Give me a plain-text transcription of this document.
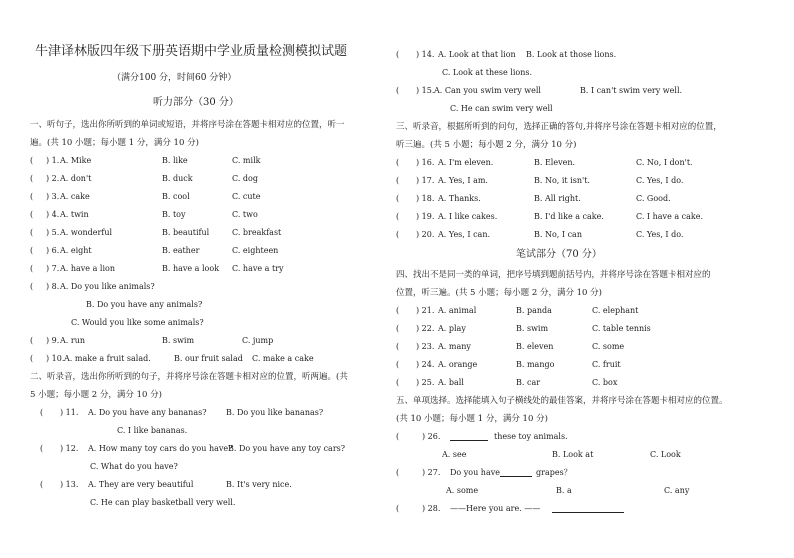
牛津译林版四年级下册英语期中学业质量检测模拟试题
（满分100 分，时间60 分钟）
听力部分（30 分）
一、听句子，选出你所听到的单词或短语，并将序号涂在答题卡相对应的位置，听一
遍。(共 10 小题；每小题 1 分，满分 10 分)
( ) 1. A. Mike	B. like	C. milk
( ) 2. A. don't	B. duck	C. dog
( ) 3. A. cake	B. cool	C. cute
( ) 4. A. twin	B. toy	C. two
( ) 5. A. wonderful	B. beautiful	C. breakfast
( ) 6. A. eight	B. eather	C. eighteen
( ) 7. A. have a lion	B. have a look C. have a try
( ) 8. A. Do you like animals?
B. Do you have any animals?
C. Would you like some animals?
( ) 9. A. run	B. swim	C. jump
( ) 10. A. make a fruit salad.	B. our fruit salad C. make a cake
二、听录音，选出你所听到的句子，并将序号涂在答题卡相对应的位置，听两遍。(共
5 小题；每小题 2 分，满分 10 分)
( ) 11. A. Do you have any bananas? B. Do you like bananas?
C. I like bananas.
( ) 12. A. How many toy cars do you have?
B. Do you have any toy cars?
C. What do you have?
( ) 13. A. They are very beautiful	B. It's very nice.
C. He can play basketball very well.
( ) 14. A. Look at that lion B. Look at those lions.
C. Look at these lions.
( ) 15. A. Can you swim very well	B. I can't swim very well.
C. He can swim very well
三、听录音，根据所听到的问句，选择正确的答句,并将序号涂在答题卡相对应的位置，
听三遍。(共 5 小题；每小题 2 分，满分 10 分)
( ) 16. A. I'm eleven.	B. Eleven.	C. No, I don't.
( ) 17. A. Yes, I am.	B. No, it isn't.	C. Yes, I do.
( ) 18. A. Thanks.	B. All right.	C. Good.
( ) 19. A. I like cakes.	B. I'd like a cake.	C. I have a cake.
( ) 20. A. Yes, I can.	B. No, I can	C. Yes, I do.
笔试部分（70 分）
四、找出不是同一类的单词，把序号填到题前括号内，并将序号涂在答题卡相对应的
位置，听三遍。(共 5 小题；每小题 2 分，满分 10 分)
( ) 21. A. animal	B. panda	C. elephant
( ) 22. A. play	B. swim	C. table tennis
( ) 23. A. many	B. eleven	C. some
( ) 24. A. orange	B. mango	C. fruit
( ) 25. A. ball	B. car	C. box
五、单项选择。选择能填入句子横线处的最佳答案，并将序号涂在答题卡相对应的位置。
(共 10 小题；每小题 1 分，满分 10 分)
(	) 26.	these toy animals.
A. see	B. Look at	C. Look
(	) 27. Do you have	grapes？
A. some	B. a	C. any
(	) 28. ——Here you are. ——
